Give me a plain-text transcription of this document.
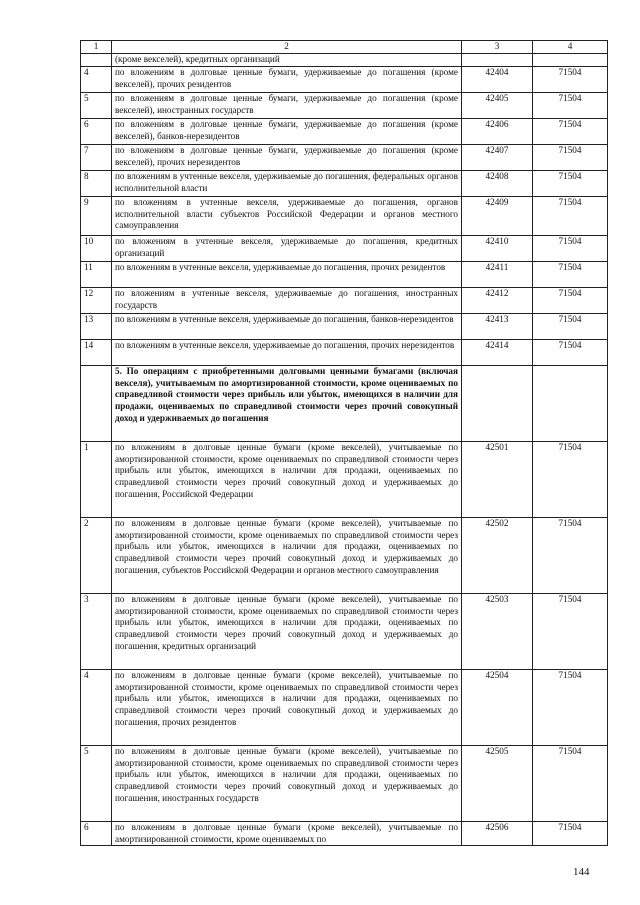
1	2	3	4
	(кроме векселей), кредитных организаций		
4	по вложениям в долговые ценные бумаги, удерживаемые до погашения (кроме векселей), прочих резидентов	42404	71504
5	по вложениям в долговые ценные бумаги, удерживаемые до погашения (кроме векселей), иностранных государств	42405	71504
6	по вложениям в долговые ценные бумаги, удерживаемые до погашения (кроме векселей), банков-нерезидентов	42406	71504
7	по вложениям в долговые ценные бумаги, удерживаемые до погашения (кроме векселей), прочих нерезидентов	42407	71504
8	по вложениям в учтенные векселя, удерживаемые до погашения, федеральных органов исполнительной власти	42408	71504
9	по вложениям в учтенные векселя, удерживаемые до погашения, органов исполнительной власти субъектов Российской Федерации и органов местного самоуправления	42409	71504
10	по вложениям в учтенные векселя, удерживаемые до погашения, кредитных организаций	42410	71504
11	по вложениям в учтенные векселя, удерживаемые до погашения, прочих резидентов	42411	71504
12	по вложениям в учтенные векселя, удерживаемые до погашения, иностранных государств	42412	71504
13	по вложениям в учтенные векселя, удерживаемые до погашения, банков-нерезидентов	42413	71504
14	по вложениям в учтенные векселя, удерживаемые до погашения, прочих нерезидентов	42414	71504
	5. По операциям с приобретенными долговыми ценными бумагами (включая векселя), учитываемым по амортизированной стоимости, кроме оцениваемых по справедливой стоимости через прибыль или убыток, имеющихся в наличии для продажи, оцениваемых по справедливой стоимости через прочий совокупный доход и удерживаемых до погашения		
1	по вложениям в долговые ценные бумаги (кроме векселей), учитываемые по амортизированной стоимости, кроме оцениваемых по справедливой стоимости через прибыль или убыток, имеющихся в наличии для продажи, оцениваемых по справедливой стоимости через прочий совокупный доход и удерживаемых до погашения, Российской Федерации	42501	71504
2	по вложениям в долговые ценные бумаги (кроме векселей), учитываемые по амортизированной стоимости, кроме оцениваемых по справедливой стоимости через прибыль или убыток, имеющихся в наличии для продажи, оцениваемых по справедливой стоимости через прочий совокупный доход и удерживаемых до погашения, субъектов Российской Федерации и органов местного самоуправления	42502	71504
3	по вложениям в долговые ценные бумаги (кроме векселей), учитываемые по амортизированной стоимости, кроме оцениваемых по справедливой стоимости через прибыль или убыток, имеющихся в наличии для продажи, оцениваемых по справедливой стоимости через прочий совокупный доход и удерживаемых до погашения, кредитных организаций	42503	71504
4	по вложениям в долговые ценные бумаги (кроме векселей), учитываемые по амортизированной стоимости, кроме оцениваемых по справедливой стоимости через прибыль или убыток, имеющихся в наличии для продажи, оцениваемых по справедливой стоимости через прочий совокупный доход и удерживаемых до погашения, прочих резидентов	42504	71504
5	по вложениям в долговые ценные бумаги (кроме векселей), учитываемые по амортизированной стоимости, кроме оцениваемых по справедливой стоимости через прибыль или убыток, имеющихся в наличии для продажи, оцениваемых по справедливой стоимости через прочий совокупный доход и удерживаемых до погашения, иностранных государств	42505	71504
6	по вложениям в долговые ценные бумаги (кроме векселей), учитываемые по амортизированной стоимости, кроме оцениваемых по	42506	71504
144
